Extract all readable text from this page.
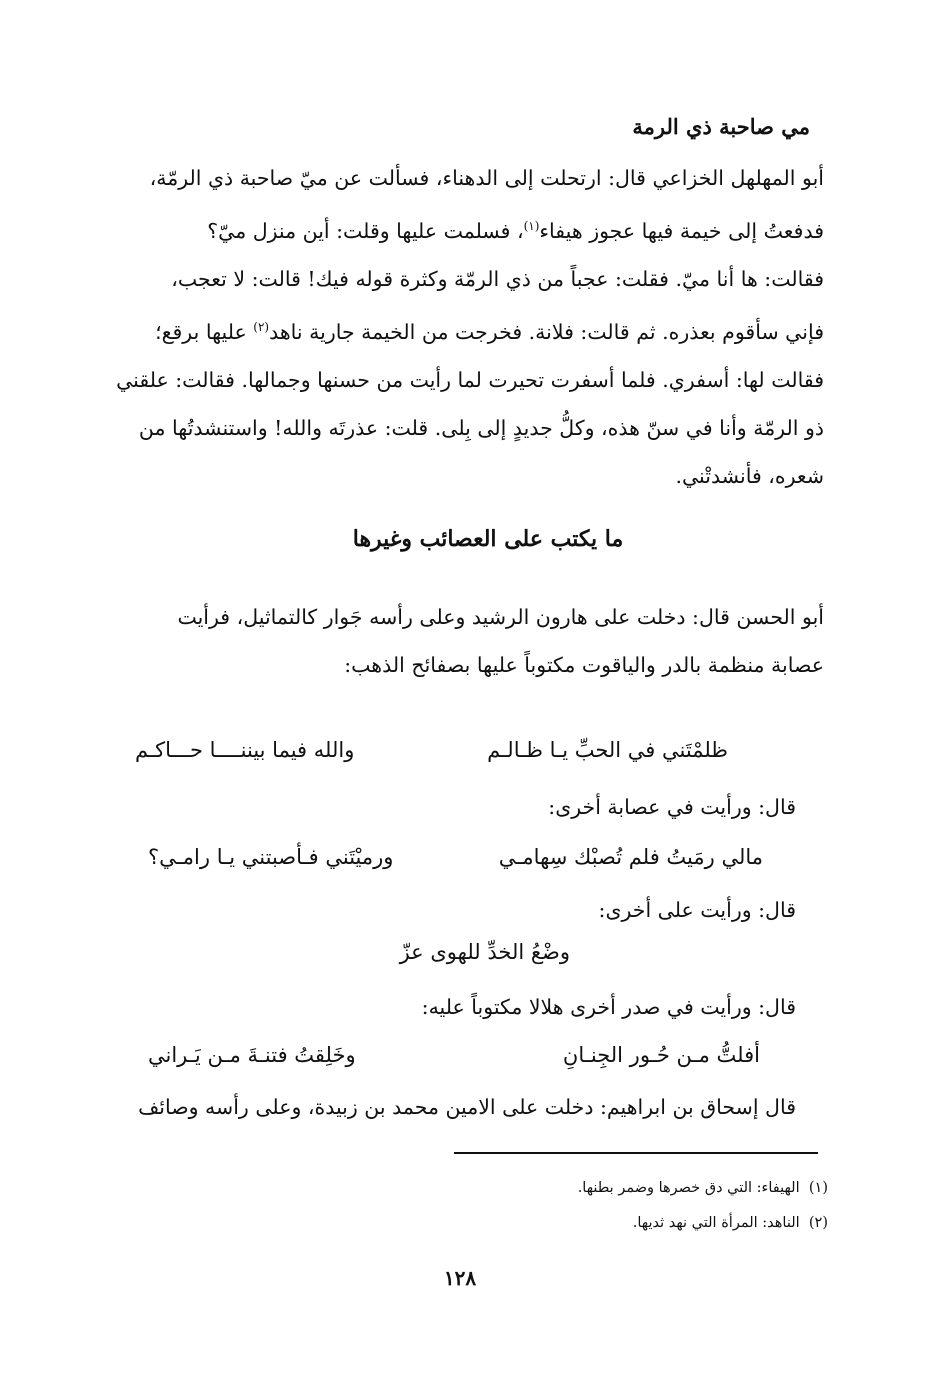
مي صاحبة ذي الرمة
أبو المهلهل الخزاعي قال: ارتحلت إلى الدهناء، فسألت عن ميّ صاحبة ذي الرمّة،
فدفعتُ إلى خيمة فيها عجوز هيفاء$^{(١)}$، فسلمت عليها وقلت: أين منزل ميّ؟
فقالت: ها أنا ميّ. فقلت: عجباً من ذي الرمّة وكثرة قوله فيك! قالت: لا تعجب،
فإني سأقوم بعذره. ثم قالت: فلانة. فخرجت من الخيمة جارية ناهد$^{(٢)}$ عليها برقع؛
فقالت لها: أسفري. فلما أسفرت تحيرت لما رأيت من حسنها وجمالها. فقالت: علقني
ذو الرمّة وأنا في سنّ هذه، وكلُّ جديدٍ إلى بِلى. قلت: عذرتَه والله! واستنشدتُها من
شعره، فأنشدتْني.
ما يكتب على العصائب وغيرها
أبو الحسن قال: دخلت على هارون الرشيد وعلى رأسه جَوار كالتماثيل، فرأيت
عصابة منظمة بالدر والياقوت مكتوباً عليها بصفائح الذهب:
ظلمْتَني في الحبِّ يـا ظـالـم
والله فيما بيننــــا حـــاكـم
قال: ورأيت في عصابة أخرى:
مالي رمَيتُ فلم تُصبْك سِهامـي
ورميْتَني فـأصبتني يـا رامـي؟
قال: ورأيت على أخرى:
وضْعُ الخدِّ للهوى عزّ
قال: ورأيت في صدر أخرى هلالا مكتوباً عليه:
أفلتُّ مـن حُـور الجِنـانِ
وخَلِقتُ فتنـةَ مـن يَـراني
قال إسحاق بن ابراهيم: دخلت على الامين محمد بن زبيدة، وعلى رأسه وصائف
(١)  الهيفاء: التي دق خصرها وضمر بطنها.
(٢)  الناهد: المرأة التي نهد ثديها.
١٢٨
